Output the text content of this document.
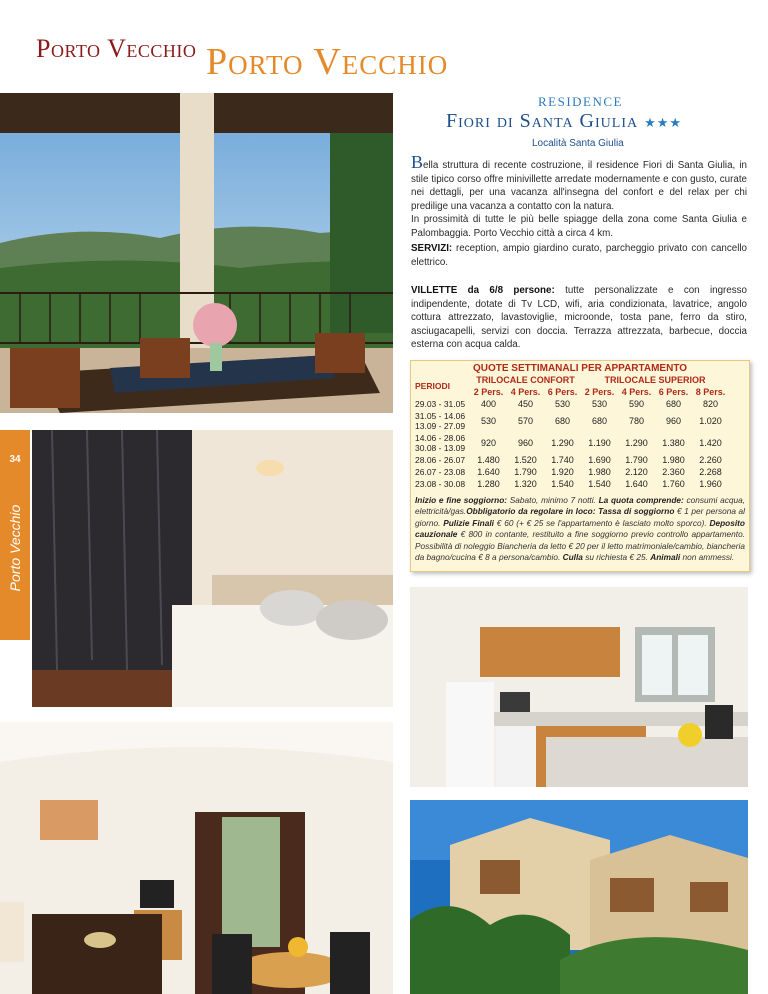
Porto Vecchio Porto Vecchio
RESIDENCE
Fiori di Santa Giulia ★★★
Località Santa Giulia
Bella struttura di recente costruzione, il residence Fiori di Santa Giulia, in stile tipico corso offre minivillette arredate modernamente e con gusto, curate nei dettagli, per una vacanza all'insegna del confort e del relax per chi predilige una vacanza a contatto con la natura.
In prossimità di tutte le più belle spiagge della zona come Santa Giulia e Palombaggia. Porto Vecchio città a circa 4 km.
SERVIZI: reception, ampio giardino curato, parcheggio privato con cancello elettrico.
VILLETTE da 6/8 persone: tutte personalizzate e con ingresso indipendente, dotate di Tv LCD, wifi, aria condizionata, lavatrice, angolo cottura attrezzato, lavastoviglie, microonde, tosta pane, ferro da stiro, asciugacapelli, servizi con doccia. Terrazza attrezzata, barbecue, doccia esterna con acqua calda.
34
Porto Vecchio
QUOTE SETTIMANALI PER APPARTAMENTO
PERIODI	TRILOCALE CONFORT			TRILOCALE SUPERIOR			
	2 Pers.	4 Pers.	6 Pers.	2 Pers.	4 Pers.	6 Pers.	8 Pers.
29.03 - 31.05	400	450	530	530	590	680	820
31.05 - 14.06
13.09 - 27.09	530	570	680	680	780	960	1.020
14.06 - 28.06
30.08 - 13.09	920	960	1.290	1.190	1.290	1.380	1.420
28.06 - 26.07	1.480	1.520	1.740	1.690	1.790	1.980	2.260
26.07 - 23.08	1.640	1.790	1.920	1.980	2.120	2.360	2.268
23.08 - 30.08	1.280	1.320	1.540	1.540	1.640	1.760	1.960
Inizio e fine soggiorno: Sabato, minimo 7 notti. La quota comprende: consumi acqua, elettricità/gas.Obbligatorio da regolare in loco: Tassa di soggiorno € 1 per persona al giorno. Pulizie Finali € 60 (+ € 25 se l'appartamento è lasciato molto sporco). Deposito cauzionale € 800 in contante, restituito a fine soggiorno previo controllo appartamento. Possibilità di noleggio Biancheria da letto € 20 per il letto matrimoniale/cambio, biancheria da bagno/cucina € 8 a persona/cambio. Culla su richiesta € 25. Animali non ammessi.
